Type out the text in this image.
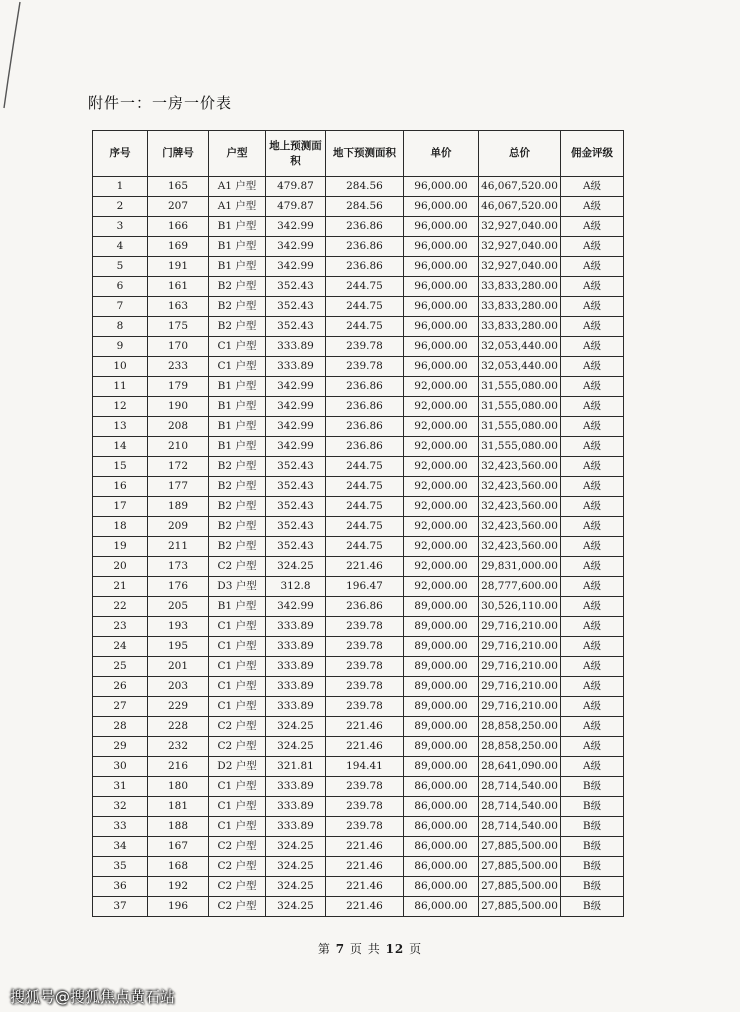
附件一：一房一价表
序号	门牌号	户型	地上预测面积	地下预测面积	单价	总价	佣金评级
1	165	A1 户型	479.87	284.56	96,000.00	46,067,520.00	A级
2	207	A1 户型	479.87	284.56	96,000.00	46,067,520.00	A级
3	166	B1 户型	342.99	236.86	96,000.00	32,927,040.00	A级
4	169	B1 户型	342.99	236.86	96,000.00	32,927,040.00	A级
5	191	B1 户型	342.99	236.86	96,000.00	32,927,040.00	A级
6	161	B2 户型	352.43	244.75	96,000.00	33,833,280.00	A级
7	163	B2 户型	352.43	244.75	96,000.00	33,833,280.00	A级
8	175	B2 户型	352.43	244.75	96,000.00	33,833,280.00	A级
9	170	C1 户型	333.89	239.78	96,000.00	32,053,440.00	A级
10	233	C1 户型	333.89	239.78	96,000.00	32,053,440.00	A级
11	179	B1 户型	342.99	236.86	92,000.00	31,555,080.00	A级
12	190	B1 户型	342.99	236.86	92,000.00	31,555,080.00	A级
13	208	B1 户型	342.99	236.86	92,000.00	31,555,080.00	A级
14	210	B1 户型	342.99	236.86	92,000.00	31,555,080.00	A级
15	172	B2 户型	352.43	244.75	92,000.00	32,423,560.00	A级
16	177	B2 户型	352.43	244.75	92,000.00	32,423,560.00	A级
17	189	B2 户型	352.43	244.75	92,000.00	32,423,560.00	A级
18	209	B2 户型	352.43	244.75	92,000.00	32,423,560.00	A级
19	211	B2 户型	352.43	244.75	92,000.00	32,423,560.00	A级
20	173	C2 户型	324.25	221.46	92,000.00	29,831,000.00	A级
21	176	D3 户型	312.8	196.47	92,000.00	28,777,600.00	A级
22	205	B1 户型	342.99	236.86	89,000.00	30,526,110.00	A级
23	193	C1 户型	333.89	239.78	89,000.00	29,716,210.00	A级
24	195	C1 户型	333.89	239.78	89,000.00	29,716,210.00	A级
25	201	C1 户型	333.89	239.78	89,000.00	29,716,210.00	A级
26	203	C1 户型	333.89	239.78	89,000.00	29,716,210.00	A级
27	229	C1 户型	333.89	239.78	89,000.00	29,716,210.00	A级
28	228	C2 户型	324.25	221.46	89,000.00	28,858,250.00	A级
29	232	C2 户型	324.25	221.46	89,000.00	28,858,250.00	A级
30	216	D2 户型	321.81	194.41	89,000.00	28,641,090.00	A级
31	180	C1 户型	333.89	239.78	86,000.00	28,714,540.00	B级
32	181	C1 户型	333.89	239.78	86,000.00	28,714,540.00	B级
33	188	C1 户型	333.89	239.78	86,000.00	28,714,540.00	B级
34	167	C2 户型	324.25	221.46	86,000.00	27,885,500.00	B级
35	168	C2 户型	324.25	221.46	86,000.00	27,885,500.00	B级
36	192	C2 户型	324.25	221.46	86,000.00	27,885,500.00	B级
37	196	C2 户型	324.25	221.46	86,000.00	27,885,500.00	B级
第 7 页 共 12 页
搜狐号@搜狐焦点黄石站
